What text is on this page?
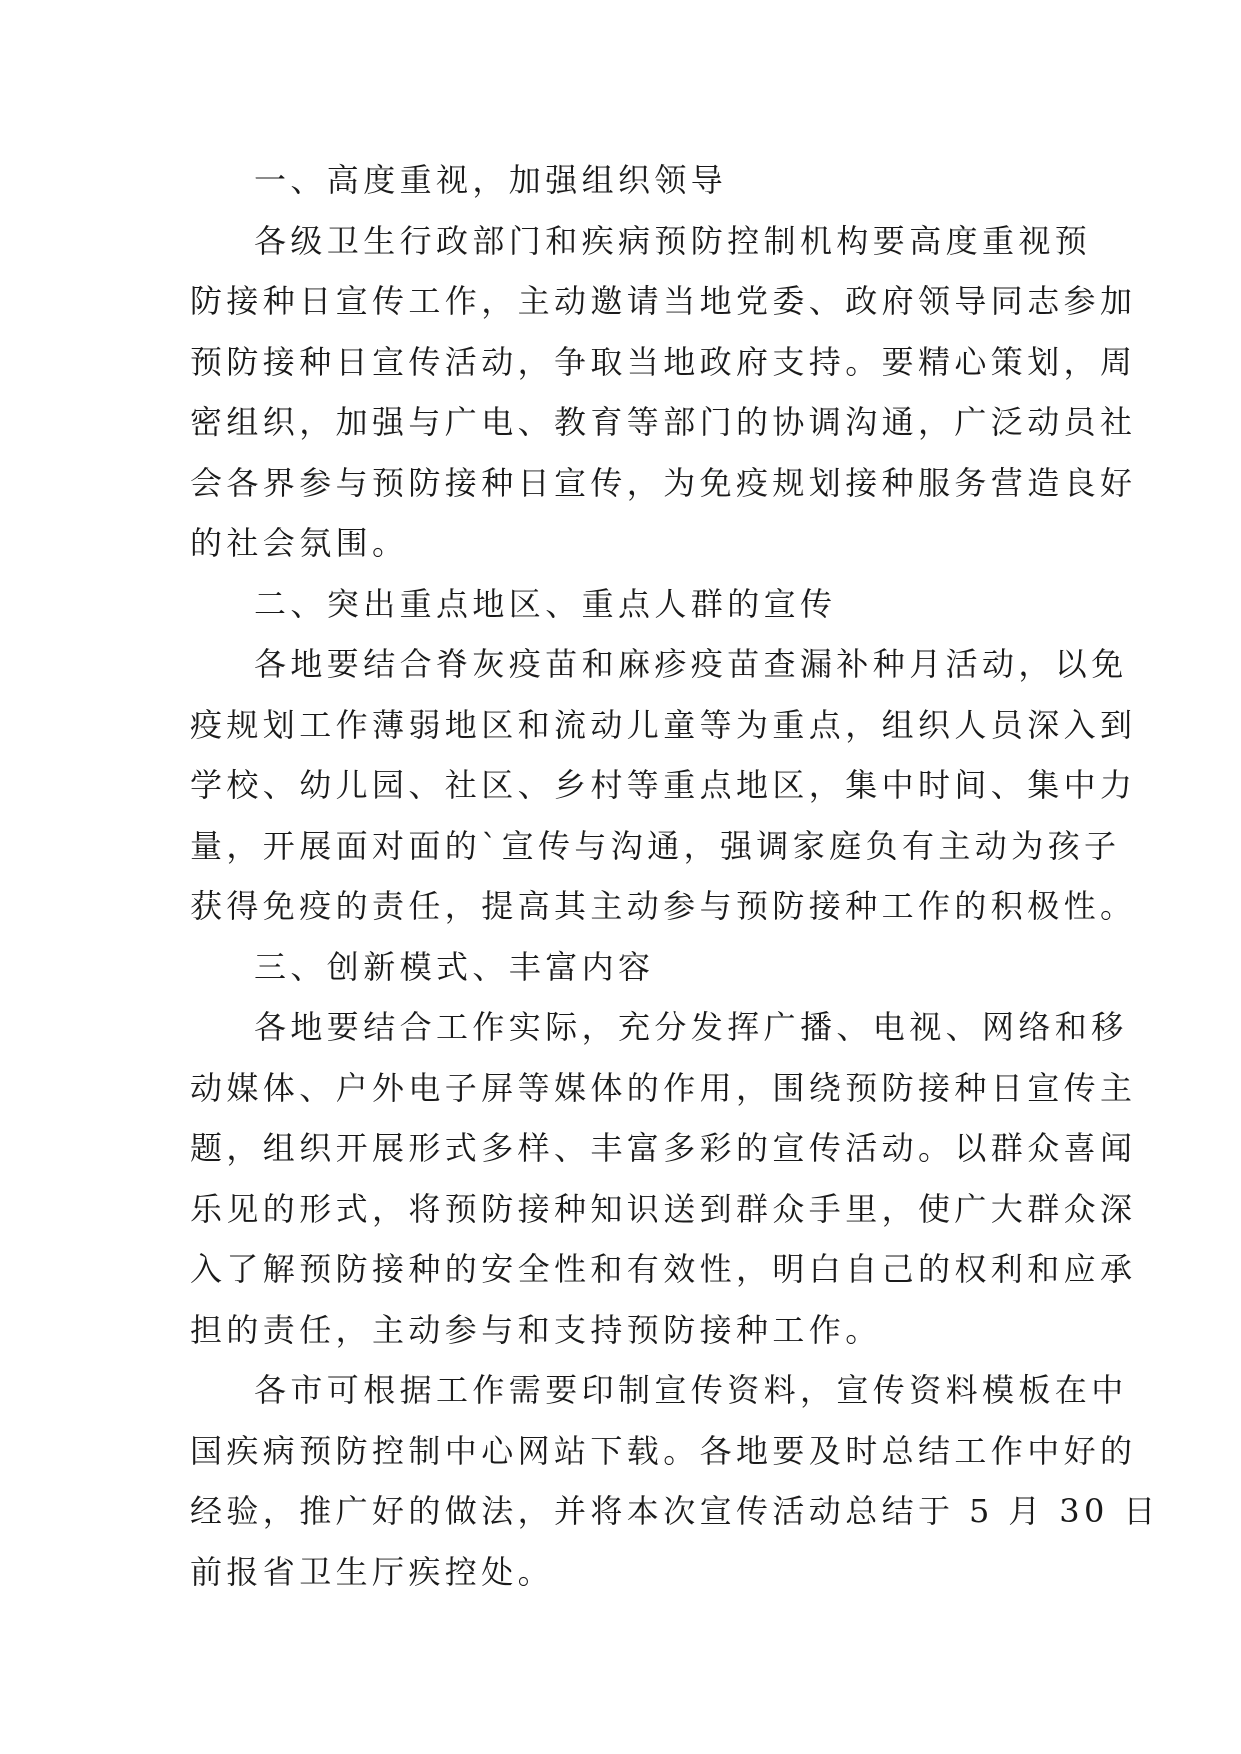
一、高度重视，加强组织领导
各级卫生行政部门和疾病预防控制机构要高度重视预
防接种日宣传工作，主动邀请当地党委、政府领导同志参加
预防接种日宣传活动，争取当地政府支持。要精心策划，周
密组织，加强与广电、教育等部门的协调沟通，广泛动员社
会各界参与预防接种日宣传，为免疫规划接种服务营造良好
的社会氛围。
二、突出重点地区、重点人群的宣传
各地要结合脊灰疫苗和麻疹疫苗查漏补种月活动，以免
疫规划工作薄弱地区和流动儿童等为重点，组织人员深入到
学校、幼儿园、社区、乡村等重点地区，集中时间、集中力
量，开展面对面的`宣传与沟通，强调家庭负有主动为孩子
获得免疫的责任，提高其主动参与预防接种工作的积极性。
三、创新模式、丰富内容
各地要结合工作实际，充分发挥广播、电视、网络和移
动媒体、户外电子屏等媒体的作用，围绕预防接种日宣传主
题，组织开展形式多样、丰富多彩的宣传活动。以群众喜闻
乐见的形式，将预防接种知识送到群众手里，使广大群众深
入了解预防接种的安全性和有效性，明白自己的权利和应承
担的责任，主动参与和支持预防接种工作。
各市可根据工作需要印制宣传资料，宣传资料模板在中
国疾病预防控制中心网站下载。各地要及时总结工作中好的
经验，推广好的做法，并将本次宣传活动总结于 5 月 30 日
前报省卫生厅疾控处。
